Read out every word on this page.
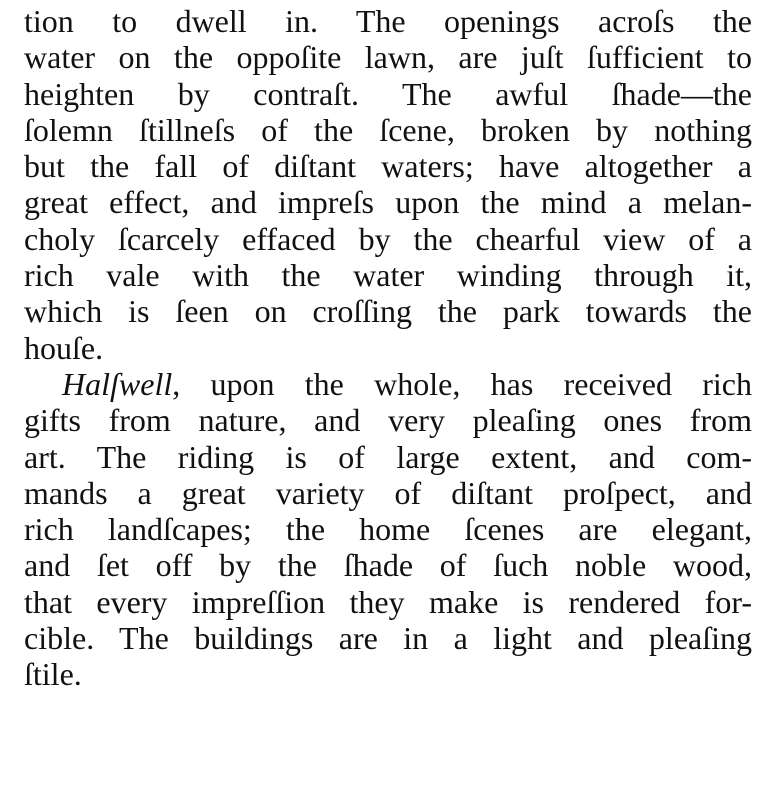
tion to dwell in. The openings acroſs the
water on the oppoſite lawn, are juſt ſufficient to
heighten by contraſt. The awful ſhade—the
ſolemn ſtillneſs of the ſcene, broken by nothing
but the fall of diſtant waters; have altogether a
great effect, and impreſs upon the mind a melan-
choly ſcarcely effaced by the chearful view of a
rich vale with the water winding through it,
which is ſeen on croſſing the park towards the
houſe.
Halſwell, upon the whole, has received rich
gifts from nature, and very pleaſing ones from
art. The riding is of large extent, and com-
mands a great variety of diſtant proſpect, and
rich landſcapes; the home ſcenes are elegant,
and ſet off by the ſhade of ſuch noble wood,
that every impreſſion they make is rendered for-
cible. The buildings are in a light and pleaſing
ſtile.
